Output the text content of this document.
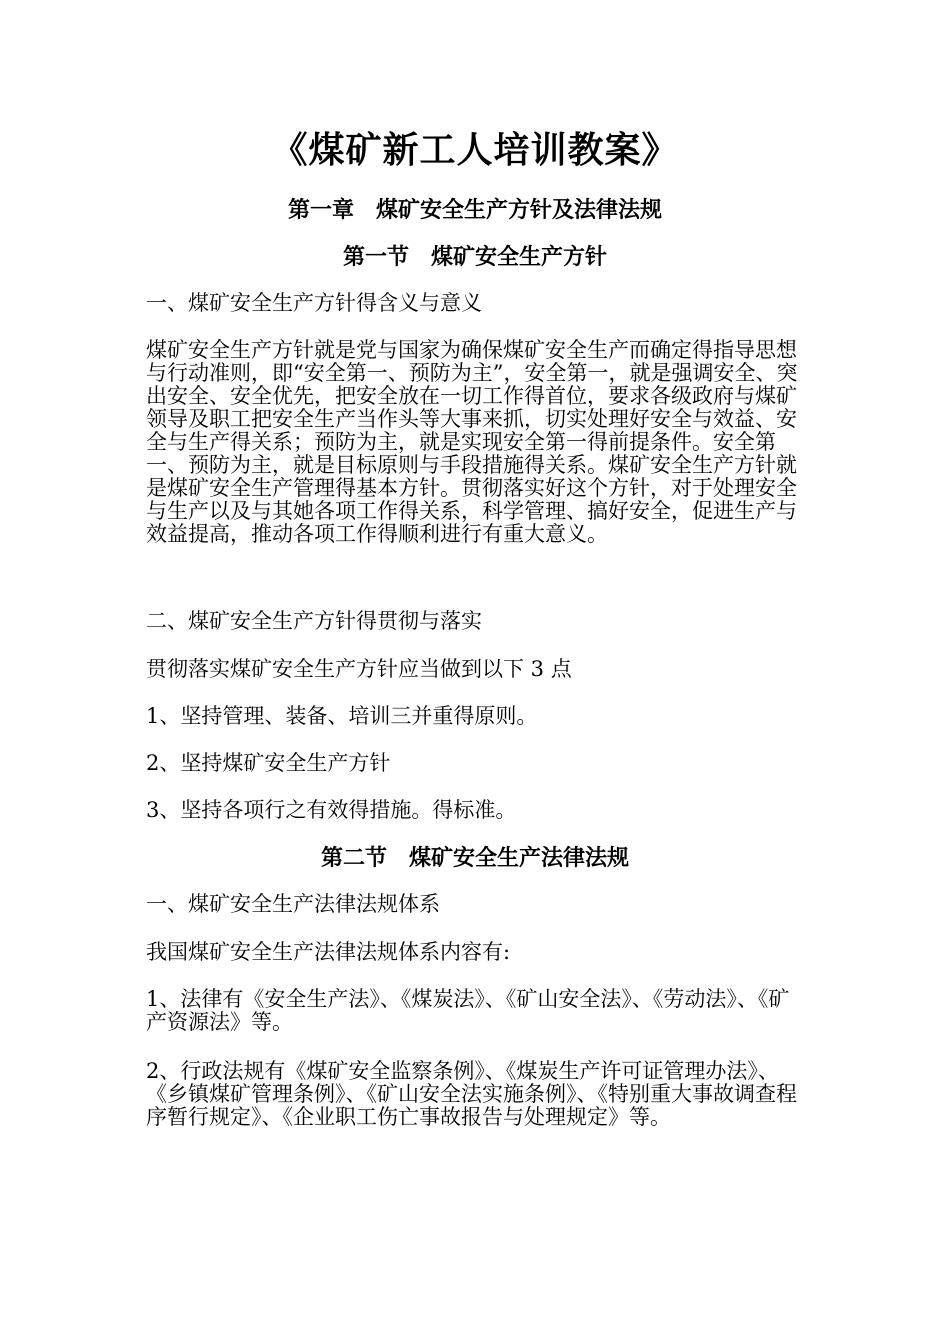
《煤矿新工人培训教案》
第一章　煤矿安全生产方针及法律法规
第一节　煤矿安全生产方针

一、煤矿安全生产方针得含义与意义

煤矿安全生产方针就是党与国家为确保煤矿安全生产而确定得指导思想与行动准则，即“安全第一、预防为主”，安全第一，就是强调安全、突出安全、安全优先，把安全放在一切工作得首位，要求各级政府与煤矿领导及职工把安全生产当作头等大事来抓，切实处理好安全与效益、安全与生产得关系；预防为主，就是实现安全第一得前提条件。安全第一、预防为主，就是目标原则与手段措施得关系。煤矿安全生产方针就是煤矿安全生产管理得基本方针。贯彻落实好这个方针，对于处理安全与生产以及与其她各项工作得关系，科学管理、搞好安全，促进生产与效益提高，推动各项工作得顺利进行有重大意义。

二、煤矿安全生产方针得贯彻与落实

贯彻落实煤矿安全生产方针应当做到以下 3 点

1、坚持管理、装备、培训三并重得原则。

2、坚持煤矿安全生产方针

3、坚持各项行之有效得措施。得标准。

第二节　煤矿安全生产法律法规

一、煤矿安全生产法律法规体系

我国煤矿安全生产法律法规体系内容有:

1、法律有《安全生产法》、《煤炭法》、《矿山安全法》、《劳动法》、《矿产资源法》等。

2、行政法规有《煤矿安全监察条例》、《煤炭生产许可证管理办法》、《乡镇煤矿管理条例》、《矿山安全法实施条例》、《特别重大事故调查程序暂行规定》、《企业职工伤亡事故报告与处理规定》等。
